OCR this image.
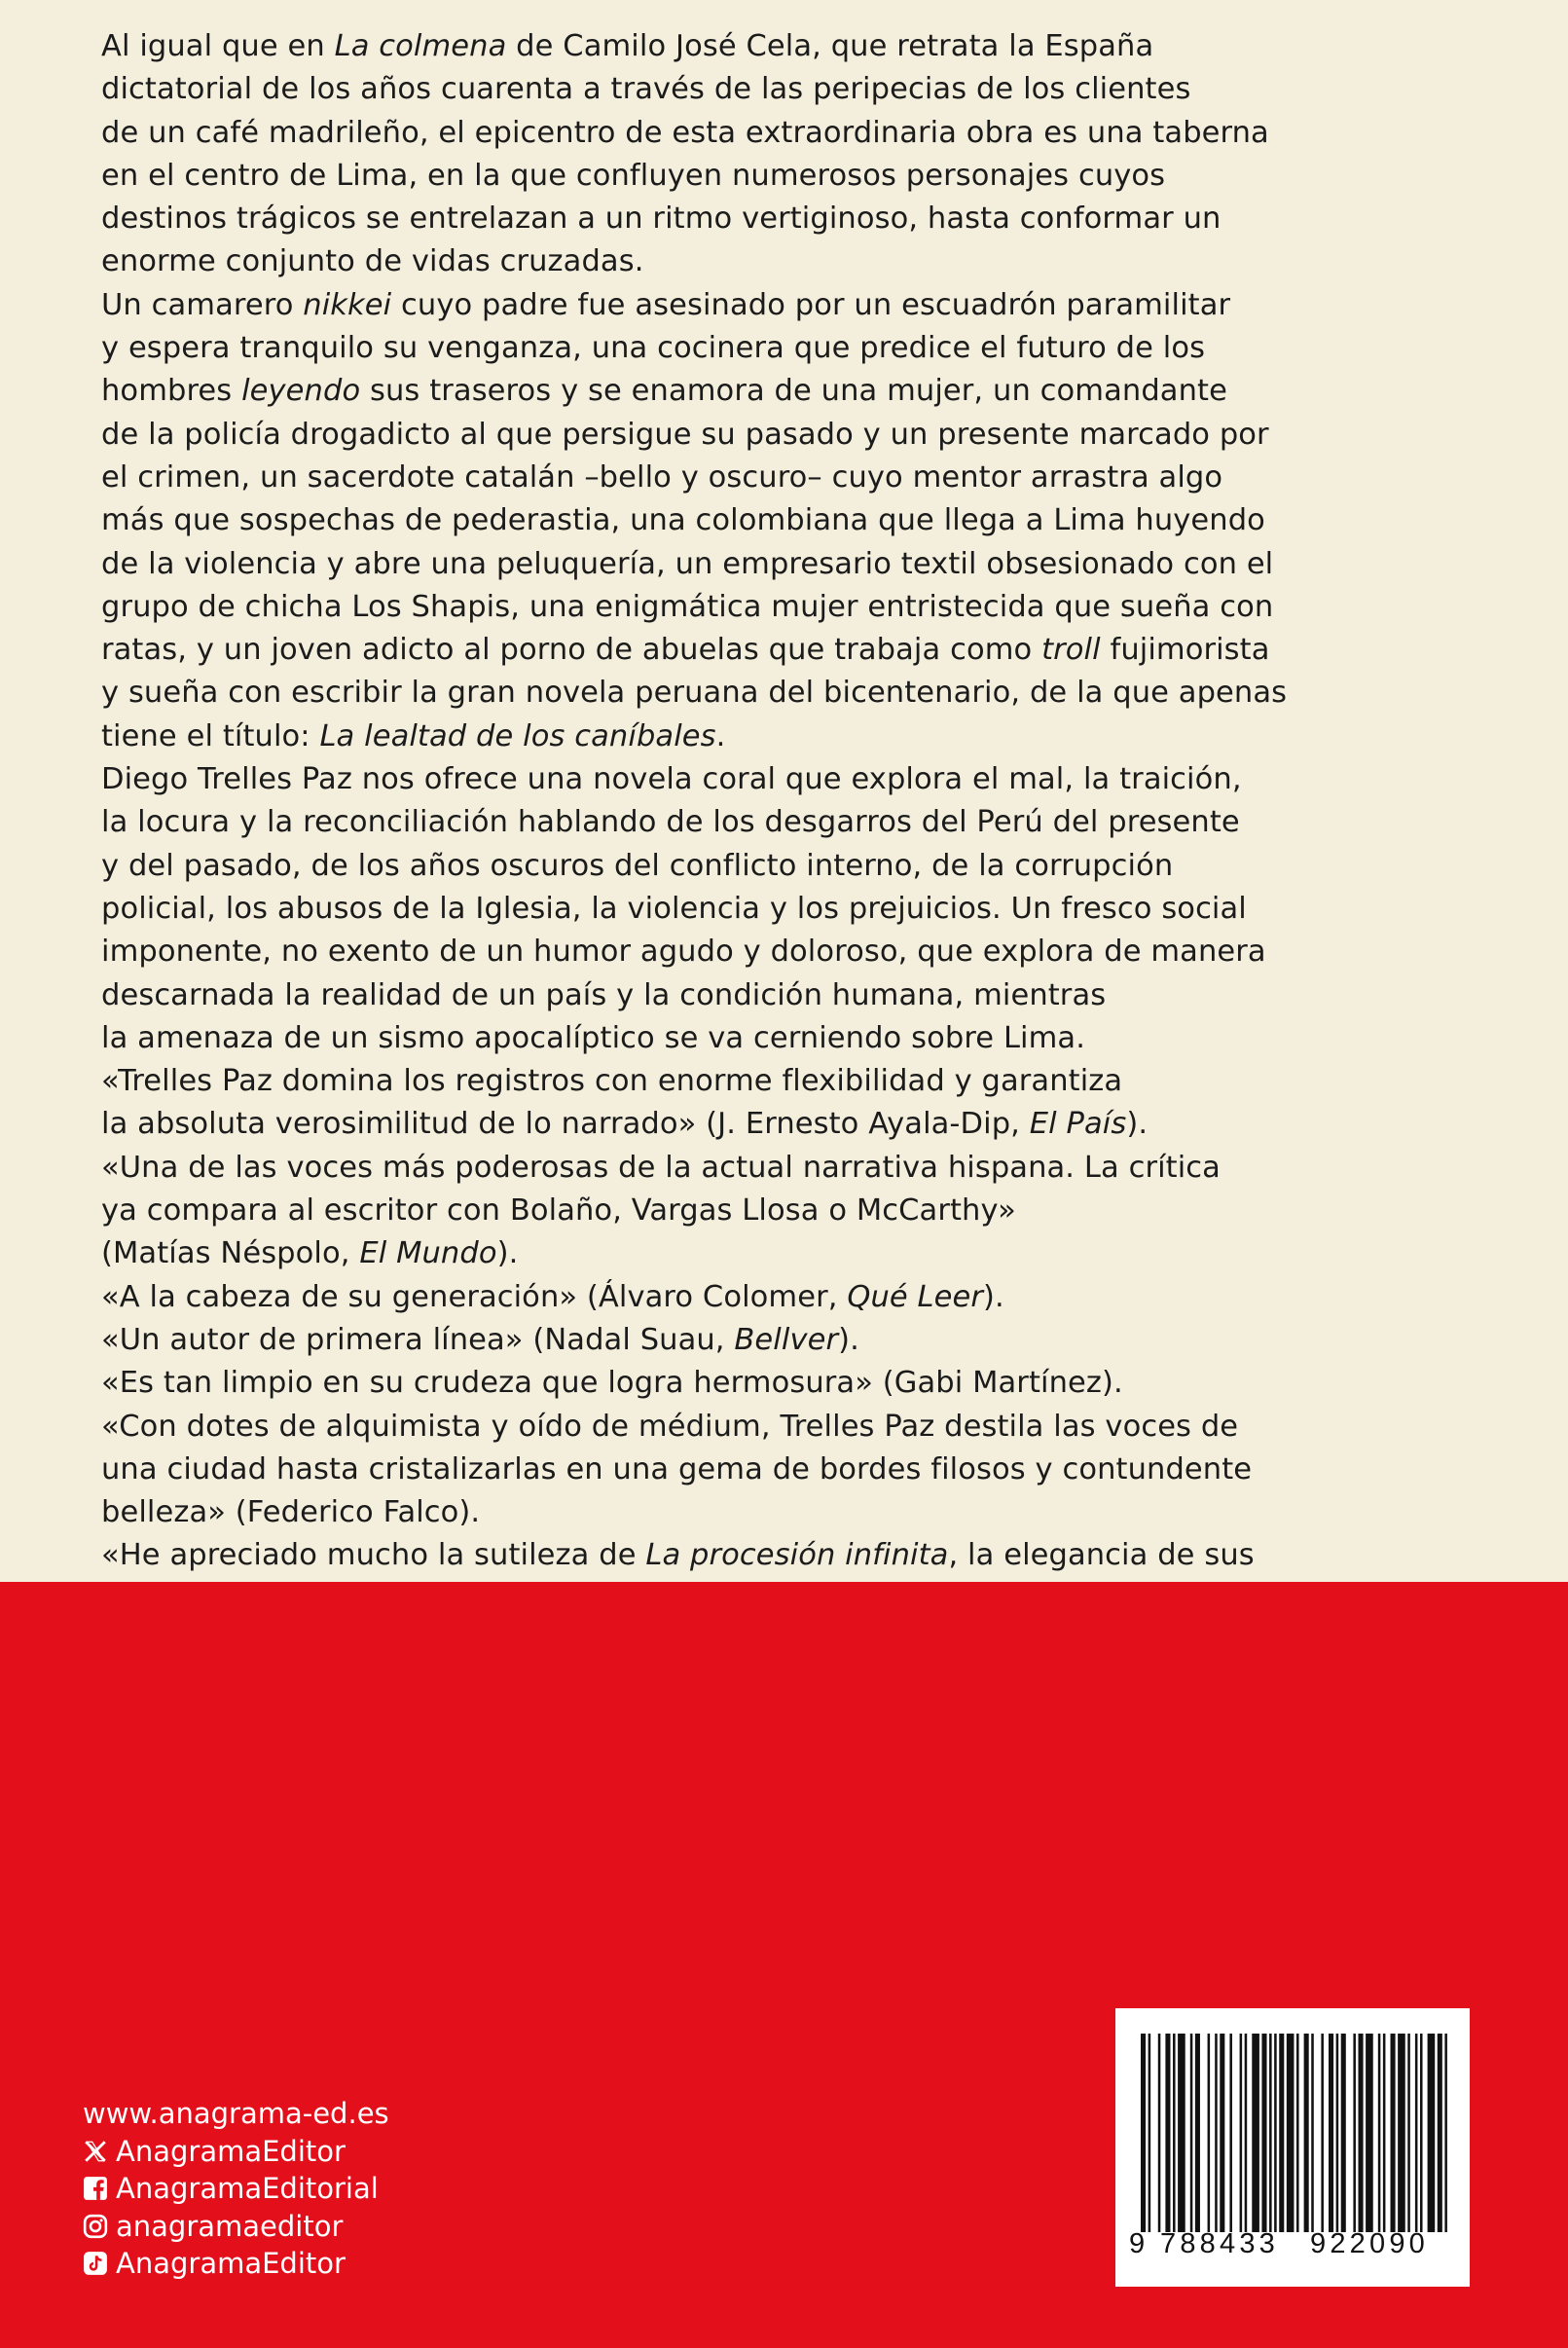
Al igual que en La colmena de Camilo José Cela, que retrata la España
dictatorial de los años cuarenta a través de las peripecias de los clientes
de un café madrileño, el epicentro de esta extraordinaria obra es una taberna
en el centro de Lima, en la que confluyen numerosos personajes cuyos
destinos trágicos se entrelazan a un ritmo vertiginoso, hasta conformar un
enorme conjunto de vidas cruzadas.

Un camarero nikkei cuyo padre fue asesinado por un escuadrón paramilitar
y espera tranquilo su venganza, una cocinera que predice el futuro de los
hombres leyendo sus traseros y se enamora de una mujer, un comandante
de la policía drogadicto al que persigue su pasado y un presente marcado por
el crimen, un sacerdote catalán –bello y oscuro– cuyo mentor arrastra algo
más que sospechas de pederastia, una colombiana que llega a Lima huyendo
de la violencia y abre una peluquería, un empresario textil obsesionado con el
grupo de chicha Los Shapis, una enigmática mujer entristecida que sueña con
ratas, y un joven adicto al porno de abuelas que trabaja como troll fujimorista
y sueña con escribir la gran novela peruana del bicentenario, de la que apenas
tiene el título: La lealtad de los caníbales.

Diego Trelles Paz nos ofrece una novela coral que explora el mal, la traición,
la locura y la reconciliación hablando de los desgarros del Perú del presente
y del pasado, de los años oscuros del conflicto interno, de la corrupción
policial, los abusos de la Iglesia, la violencia y los prejuicios. Un fresco social
imponente, no exento de un humor agudo y doloroso, que explora de manera
descarnada la realidad de un país y la condición humana, mientras
la amenaza de un sismo apocalíptico se va cerniendo sobre Lima.

«Trelles Paz domina los registros con enorme flexibilidad y garantiza
la absoluta verosimilitud de lo narrado» (J. Ernesto Ayala-Dip, El País).

«Una de las voces más poderosas de la actual narrativa hispana. La crítica
ya compara al escritor con Bolaño, Vargas Llosa o McCarthy»
(Matías Néspolo, El Mundo).

«A la cabeza de su generación» (Álvaro Colomer, Qué Leer).

«Un autor de primera línea» (Nadal Suau, Bellver).

«Es tan limpio en su crudeza que logra hermosura» (Gabi Martínez).

«Con dotes de alquimista y oído de médium, Trelles Paz destila las voces de
una ciudad hasta cristalizarlas en una gema de bordes filosos y contundente
belleza» (Federico Falco).

«He apreciado mucho la sutileza de La procesión infinita, la elegancia de sus

www.anagrama-ed.es
AnagramaEditor
AnagramaEditorial
anagramaeditor
AnagramaEditor
9 788433 922090
